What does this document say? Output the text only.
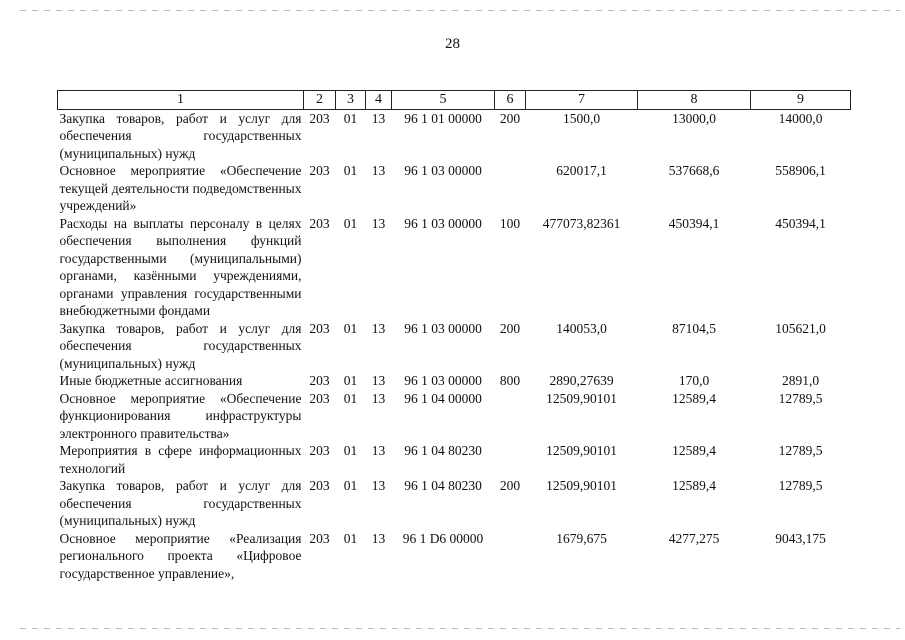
28
1	2	3	4	5	6	7	8	9
Закупка товаров, работ и услуг для обеспечения государственных (муниципальных) нужд	203	01	13	96 1 01 00000	200	1500,0	13000,0	14000,0
Основное мероприятие «Обеспечение текущей деятельности подведомственных учреждений»	203	01	13	96 1 03 00000		620017,1	537668,6	558906,1
Расходы на выплаты персоналу в целях обеспечения выполнения функций государственными (муниципальными) органами, казёнными учреждениями, органами управления государственными внебюджетными фондами	203	01	13	96 1 03 00000	100	477073,82361	450394,1	450394,1
Закупка товаров, работ и услуг для обеспечения государственных (муниципальных) нужд	203	01	13	96 1 03 00000	200	140053,0	87104,5	105621,0
Иные бюджетные ассигнования	203	01	13	96 1 03 00000	800	2890,27639	170,0	2891,0
Основное мероприятие «Обеспечение функционирования инфраструктуры электронного правительства»	203	01	13	96 1 04 00000		12509,90101	12589,4	12789,5
Мероприятия в сфере информационных технологий	203	01	13	96 1 04 80230		12509,90101	12589,4	12789,5
Закупка товаров, работ и услуг для обеспечения государственных (муниципальных) нужд	203	01	13	96 1 04 80230	200	12509,90101	12589,4	12789,5
Основное мероприятие «Реализация регионального проекта «Цифровое государственное управление»,	203	01	13	96 1 D6 00000		1679,675	4277,275	9043,175
